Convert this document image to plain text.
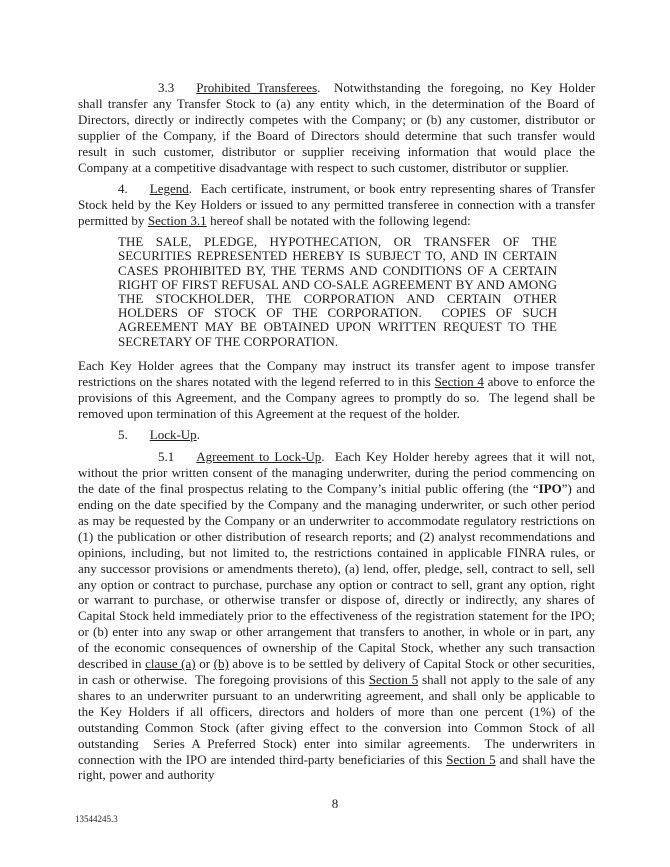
3.3 Prohibited Transferees.  Notwithstanding the foregoing, no Key Holder shall transfer any Transfer Stock to (a) any entity which, in the determination of the Board of Directors, directly or indirectly competes with the Company; or (b) any customer, distributor or supplier of the Company, if the Board of Directors should determine that such transfer would result in such customer, distributor or supplier receiving information that would place the Company at a competitive disadvantage with respect to such customer, distributor or supplier.

4. Legend.  Each certificate, instrument, or book entry representing shares of Transfer Stock held by the Key Holders or issued to any permitted transferee in connection with a transfer permitted by Section 3.1 hereof shall be notated with the following legend:

THE SALE, PLEDGE, HYPOTHECATION, OR TRANSFER OF THE SECURITIES REPRESENTED HEREBY IS SUBJECT TO, AND IN CERTAIN CASES PROHIBITED BY, THE TERMS AND CONDITIONS OF A CERTAIN RIGHT OF FIRST REFUSAL AND CO-SALE AGREEMENT BY AND AMONG THE STOCKHOLDER, THE CORPORATION AND CERTAIN OTHER HOLDERS OF STOCK OF THE CORPORATION.  COPIES OF SUCH AGREEMENT MAY BE OBTAINED UPON WRITTEN REQUEST TO THE SECRETARY OF THE CORPORATION.

Each Key Holder agrees that the Company may instruct its transfer agent to impose transfer restrictions on the shares notated with the legend referred to in this Section 4 above to enforce the provisions of this Agreement, and the Company agrees to promptly do so.  The legend shall be removed upon termination of this Agreement at the request of the holder.

5. Lock-Up.

5.1 Agreement to Lock-Up.  Each Key Holder hereby agrees that it will not, without the prior written consent of the managing underwriter, during the period commencing on the date of the final prospectus relating to the Company’s initial public offering (the “IPO”) and ending on the date specified by the Company and the managing underwriter, or such other period as may be requested by the Company or an underwriter to accommodate regulatory restrictions on (1) the publication or other distribution of research reports; and (2) analyst recommendations and opinions, including, but not limited to, the restrictions contained in applicable FINRA rules, or any successor provisions or amendments thereto), (a) lend, offer, pledge, sell, contract to sell, sell any option or contract to purchase, purchase any option or contract to sell, grant any option, right or warrant to purchase, or otherwise transfer or dispose of, directly or indirectly, any shares of Capital Stock held immediately prior to the effectiveness of the registration statement for the IPO; or (b) enter into any swap or other arrangement that transfers to another, in whole or in part, any of the economic consequences of ownership of the Capital Stock, whether any such transaction described in clause (a) or (b) above is to be settled by delivery of Capital Stock or other securities, in cash or otherwise.  The foregoing provisions of this Section 5 shall not apply to the sale of any shares to an underwriter pursuant to an underwriting agreement, and shall only be applicable to the Key Holders if all officers, directors and holders of more than one percent (1%) of the outstanding Common Stock (after giving effect to the conversion into Common Stock of all outstanding  Series A Preferred Stock) enter into similar agreements.  The underwriters in connection with the IPO are intended third-party beneficiaries of this Section 5 and shall have the right, power and authority

8
13544245.3
